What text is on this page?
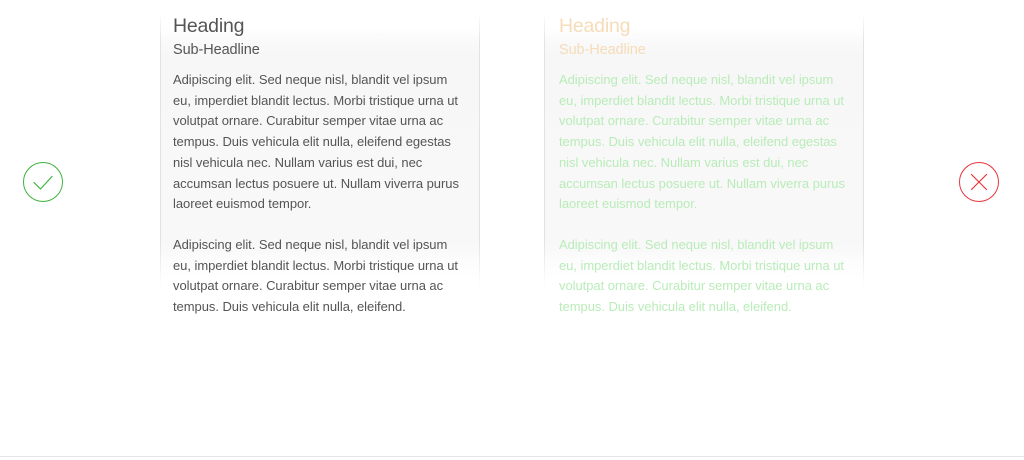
Heading
Sub-Headline

Adipiscing elit. Sed neque nisl, blandit vel ipsum eu, imperdiet blandit lectus. Morbi tristique urna ut volutpat ornare. Curabitur semper vitae urna ac tempus. Duis vehicula elit nulla, eleifend egestas nisl vehicula nec. Nullam varius est dui, nec accumsan lectus posuere ut. Nullam viverra purus laoreet euismod tempor.

Adipiscing elit. Sed neque nisl, blandit vel ipsum eu, imperdiet blandit lectus. Morbi tristique urna ut volutpat ornare. Curabitur semper vitae urna ac tempus. Duis vehicula elit nulla, eleifend.

Heading
Sub-Headline

Adipiscing elit. Sed neque nisl, blandit vel ipsum eu, imperdiet blandit lectus. Morbi tristique urna ut volutpat ornare. Curabitur semper vitae urna ac tempus. Duis vehicula elit nulla, eleifend egestas nisl vehicula nec. Nullam varius est dui, nec accumsan lectus posuere ut. Nullam viverra purus laoreet euismod tempor.

Adipiscing elit. Sed neque nisl, blandit vel ipsum eu, imperdiet blandit lectus. Morbi tristique urna ut volutpat ornare. Curabitur semper vitae urna ac tempus. Duis vehicula elit nulla, eleifend.
